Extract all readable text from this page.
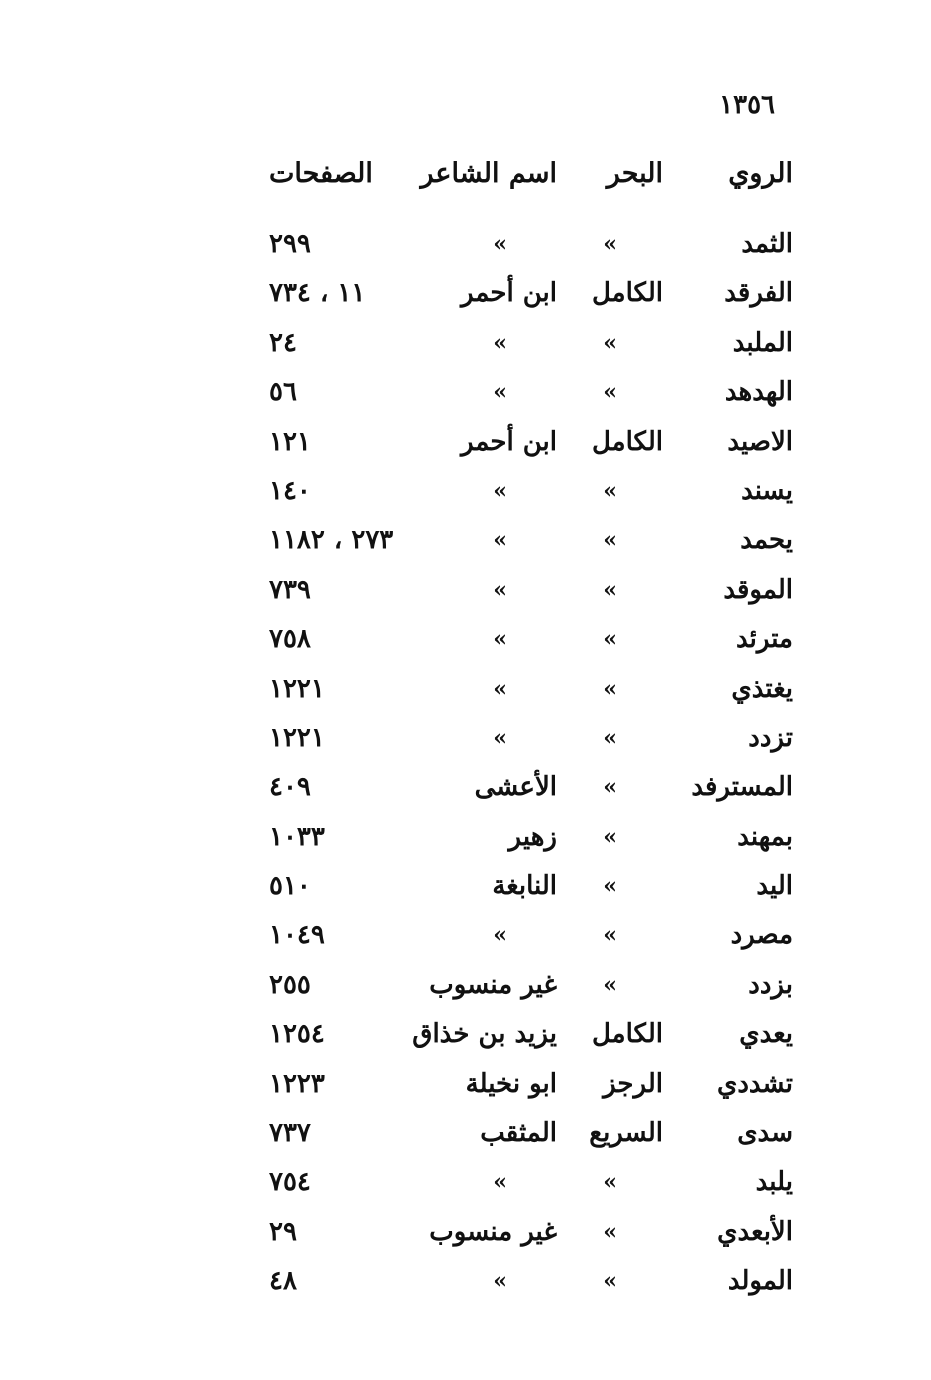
١٣٥٦
الروي
البحر
اسم الشاعر
الصفحات
الثمد
»
»
٢٩٩
الفرقد
الكامل
ابن أحمر
١١ ، ٧٣٤
الملبد
»
»
٢٤
الهدهد
»
»
٥٦
الاصيد
الكامل
ابن أحمر
١٢١
يسند
»
»
١٤٠
يحمد
»
»
٢٧٣ ، ١١٨٢
الموقد
»
»
٧٣٩
مترئد
»
»
٧٥٨
يغتذي
»
»
١٢٢١
تزدد
»
»
١٢٢١
المسترفد
»
الأعشى
٤٠٩
بمهند
»
زهير
١٠٣٣
اليد
»
النابغة
٥١٠
مصرد
»
»
١٠٤٩
بزدد
»
غير منسوب
٢٥٥
يعدي
الكامل
يزيد بن خذاق
١٢٥٤
تشددي
الرجز
ابو نخيلة
١٢٢٣
سدى
السريع
المثقب
٧٣٧
يلبد
»
»
٧٥٤
الأبعدي
»
غير منسوب
٢٩
المولد
»
»
٤٨
